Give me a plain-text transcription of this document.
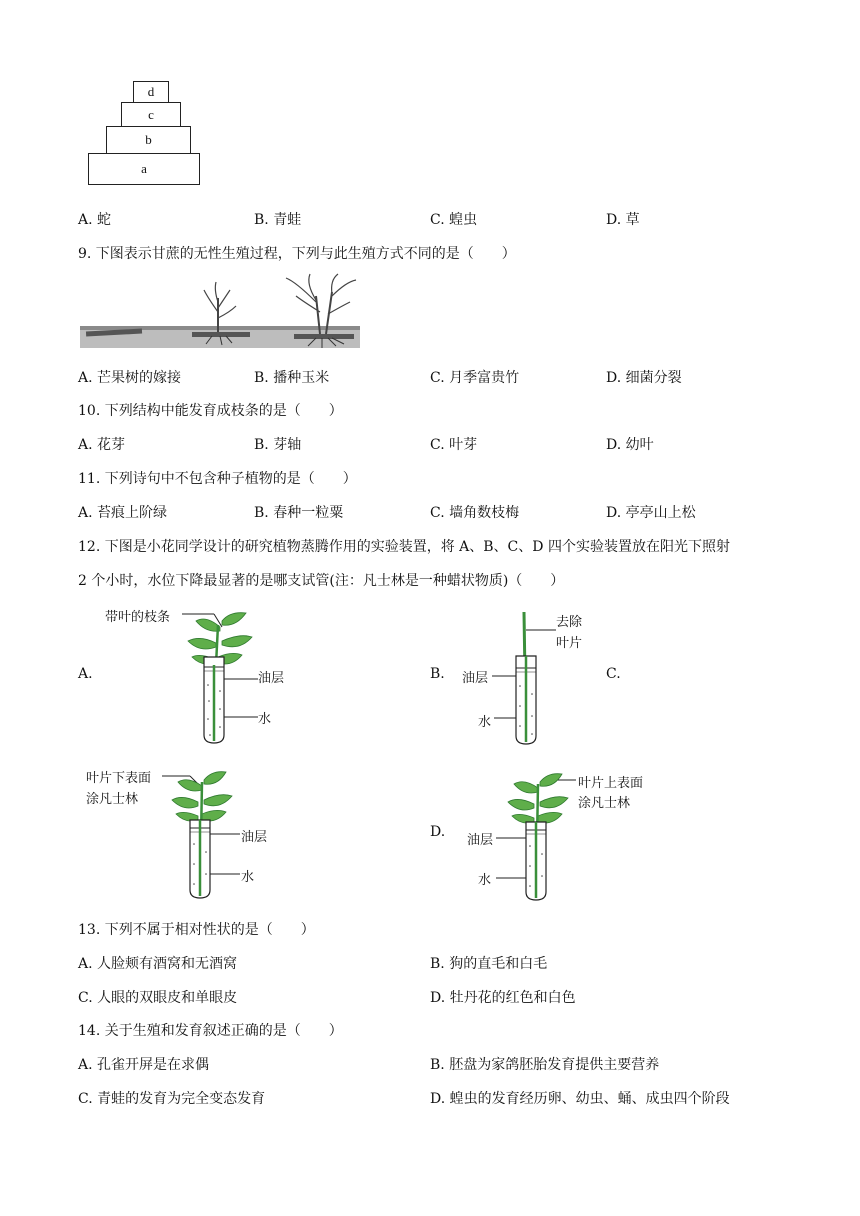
d
c
b
a
A. 蛇	B. 青蛙	C. 蝗虫	D. 草
9. 下图表示甘蔗的无性生殖过程，下列与此生殖方式不同的是（　　）
A. 芒果树的嫁接	B. 播种玉米	C. 月季富贵竹	D. 细菌分裂
10. 下列结构中能发育成枝条的是（　　）
A. 花芽	B. 芽轴	C. 叶芽	D. 幼叶
11. 下列诗句中不包含种子植物的是（　　）
A. 苔痕上阶绿	B. 春种一粒粟	C. 墙角数枝梅	D. 亭亭山上松
12. 下图是小花同学设计的研究植物蒸腾作用的实验装置，将 A、B、C、D 四个实验装置放在阳光下照射
2 个小时，水位下降最显著的是哪支试管(注：凡士林是一种蜡状物质)（　　）
A.
带叶的枝条
油层
水
B.
去除
叶片
油层
水
C.
叶片下表面
涂凡士林
油层
水
D.
叶片上表面
涂凡士林
油层
水
13. 下列不属于相对性状的是（　　）
A. 人脸颊有酒窝和无酒窝	B. 狗的直毛和白毛
C. 人眼的双眼皮和单眼皮	D. 牡丹花的红色和白色
14. 关于生殖和发育叙述正确的是（　　）
A. 孔雀开屏是在求偶	B. 胚盘为家鸽胚胎发育提供主要营养
C. 青蛙的发育为完全变态发育	D. 蝗虫的发育经历卵、幼虫、蛹、成虫四个阶段
